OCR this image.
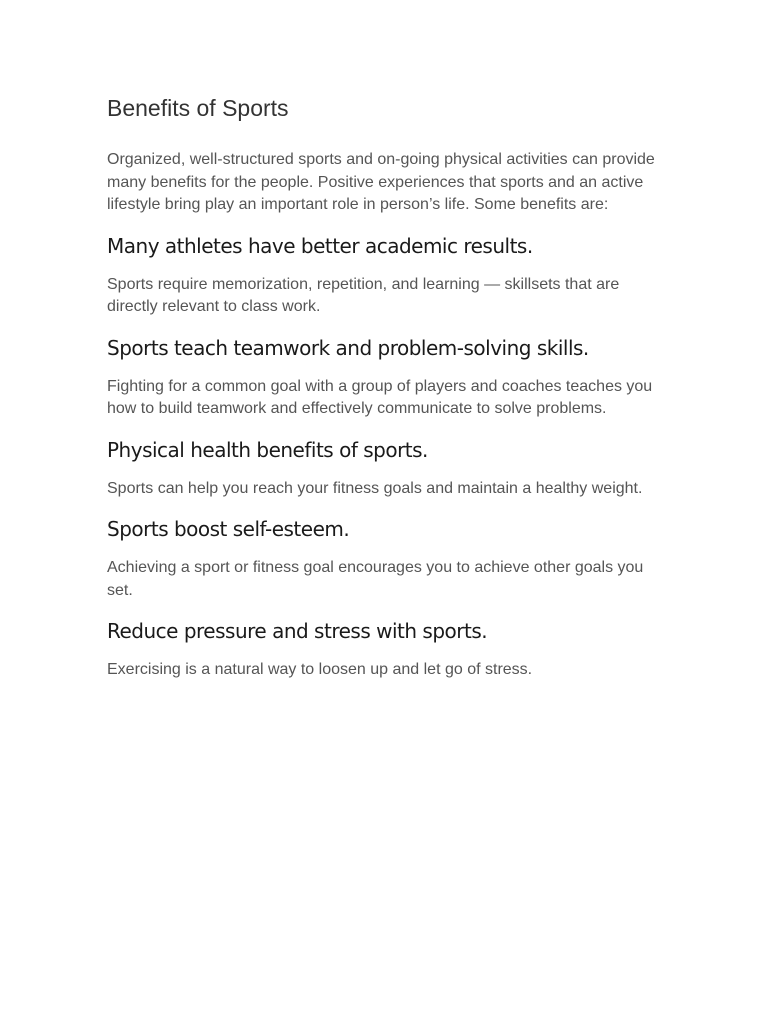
Benefits of Sports

Organized, well-structured sports and on-going physical activities can provide many benefits for the people. Positive experiences that sports and an active lifestyle bring play an important role in person’s life. Some benefits are:

Many athletes have better academic results.

Sports require memorization, repetition, and learning — skillsets that are directly relevant to class work.

Sports teach teamwork and problem-solving skills.

Fighting for a common goal with a group of players and coaches teaches you how to build teamwork and effectively communicate to solve problems.

Physical health benefits of sports.

Sports can help you reach your fitness goals and maintain a healthy weight.

Sports boost self-esteem.

Achieving a sport or fitness goal encourages you to achieve other goals you set.

Reduce pressure and stress with sports.

Exercising is a natural way to loosen up and let go of stress.
